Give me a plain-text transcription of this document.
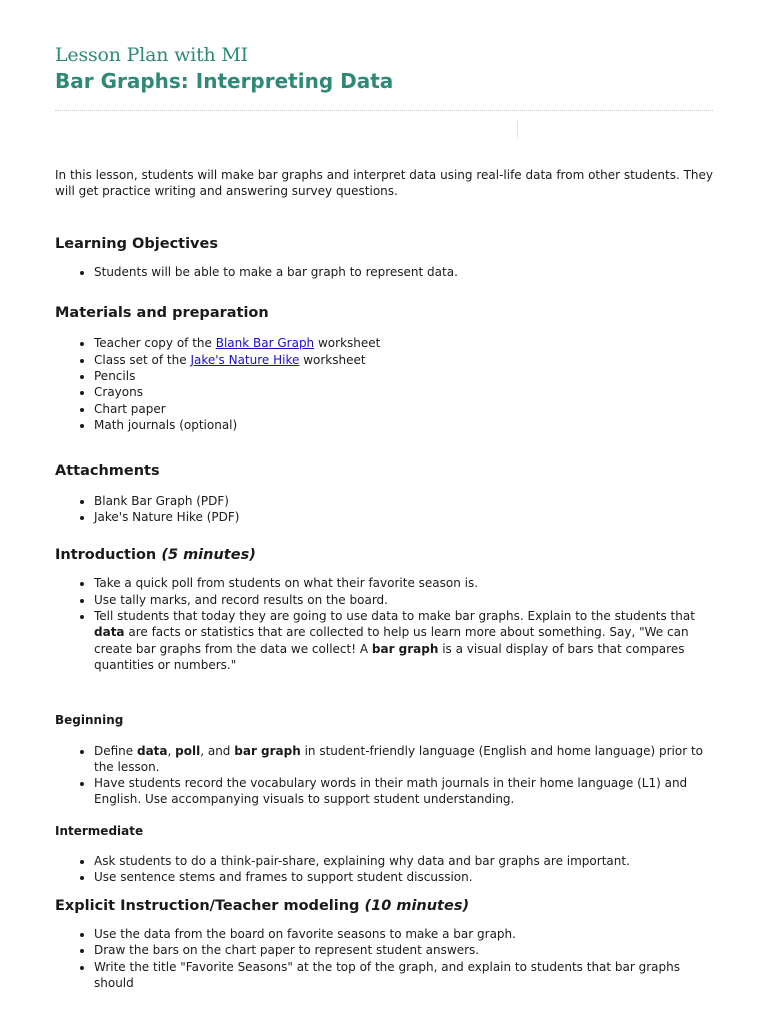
Lesson Plan with MI
Bar Graphs: Interpreting Data

In this lesson, students will make bar graphs and interpret data using real-life data from other students. They will get practice writing and answering survey questions.

Learning Objectives
• Students will be able to make a bar graph to represent data.
Materials and preparation
• Teacher copy of the Blank Bar Graph worksheet
• Class set of the Jake's Nature Hike worksheet
• Pencils
• Crayons
• Chart paper
• Math journals (optional)
Attachments
• Blank Bar Graph (PDF)
• Jake's Nature Hike (PDF)
Introduction (5 minutes)
• Take a quick poll from students on what their favorite season is.
• Use tally marks, and record results on the board.
• Tell students that today they are going to use data to make bar graphs. Explain to the students that data are facts or statistics that are collected to help us learn more about something. Say, "We can create bar graphs from the data we collect! A bar graph is a visual display of bars that compares quantities or numbers."
Beginning
• Define data, poll, and bar graph in student-friendly language (English and home language) prior to the lesson.
• Have students record the vocabulary words in their math journals in their home language (L1) and English. Use accompanying visuals to support student understanding.
Intermediate
• Ask students to do a think-pair-share, explaining why data and bar graphs are important.
• Use sentence stems and frames to support student discussion.
Explicit Instruction/Teacher modeling (10 minutes)
• Use the data from the board on favorite seasons to make a bar graph.
• Draw the bars on the chart paper to represent student answers.
• Write the title "Favorite Seasons" at the top of the graph, and explain to students that bar graphs should
